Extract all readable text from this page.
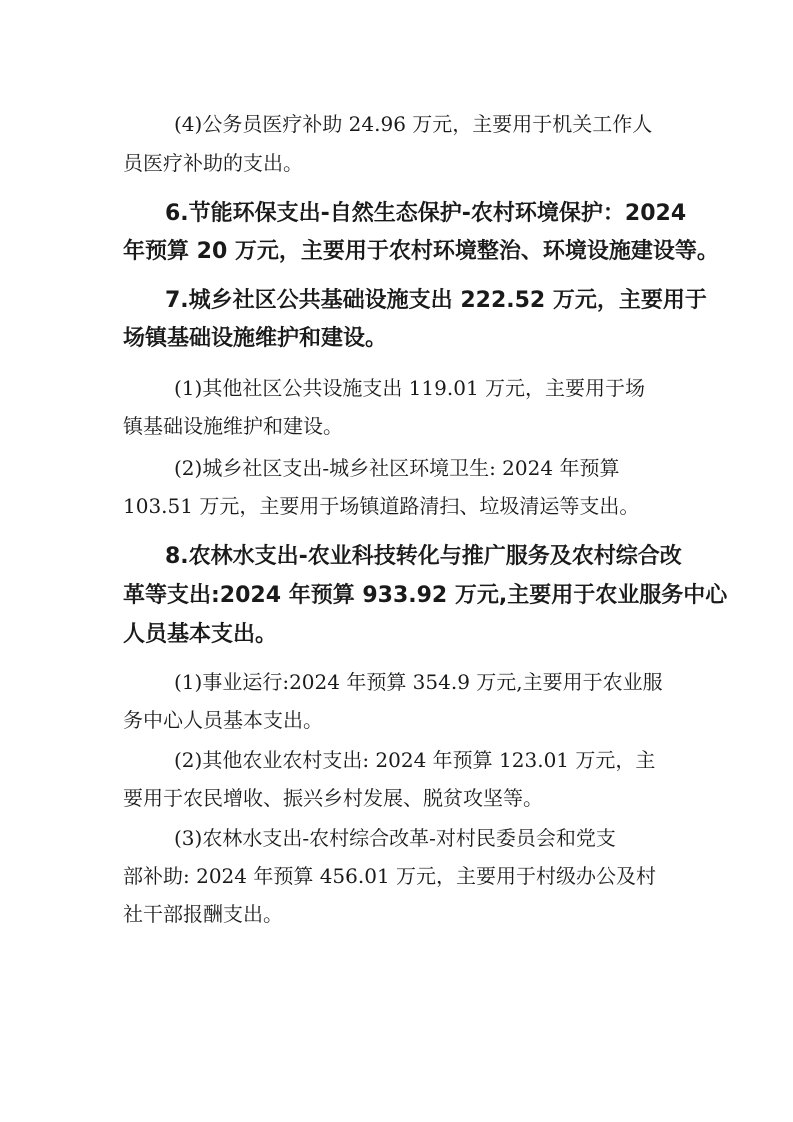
(4)公务员医疗补助 24.96 万元，主要用于机关工作人
员医疗补助的支出。
6.节能环保支出-自然生态保护-农村环境保护：2024
年预算 20 万元，主要用于农村环境整治、环境设施建设等。
7.城乡社区公共基础设施支出 222.52 万元，主要用于
场镇基础设施维护和建设。
(1)其他社区公共设施支出 119.01 万元，主要用于场
镇基础设施维护和建设。
(2)城乡社区支出-城乡社区环境卫生: 2024 年预算
103.51 万元，主要用于场镇道路清扫、垃圾清运等支出。
8.农林水支出-农业科技转化与推广服务及农村综合改
革等支出:2024 年预算 933.92 万元,主要用于农业服务中心
人员基本支出。
(1)事业运行:2024 年预算 354.9 万元,主要用于农业服
务中心人员基本支出。
(2)其他农业农村支出: 2024 年预算 123.01 万元，主
要用于农民增收、振兴乡村发展、脱贫攻坚等。
(3)农林水支出-农村综合改革-对村民委员会和党支
部补助: 2024 年预算 456.01 万元，主要用于村级办公及村
社干部报酬支出。
